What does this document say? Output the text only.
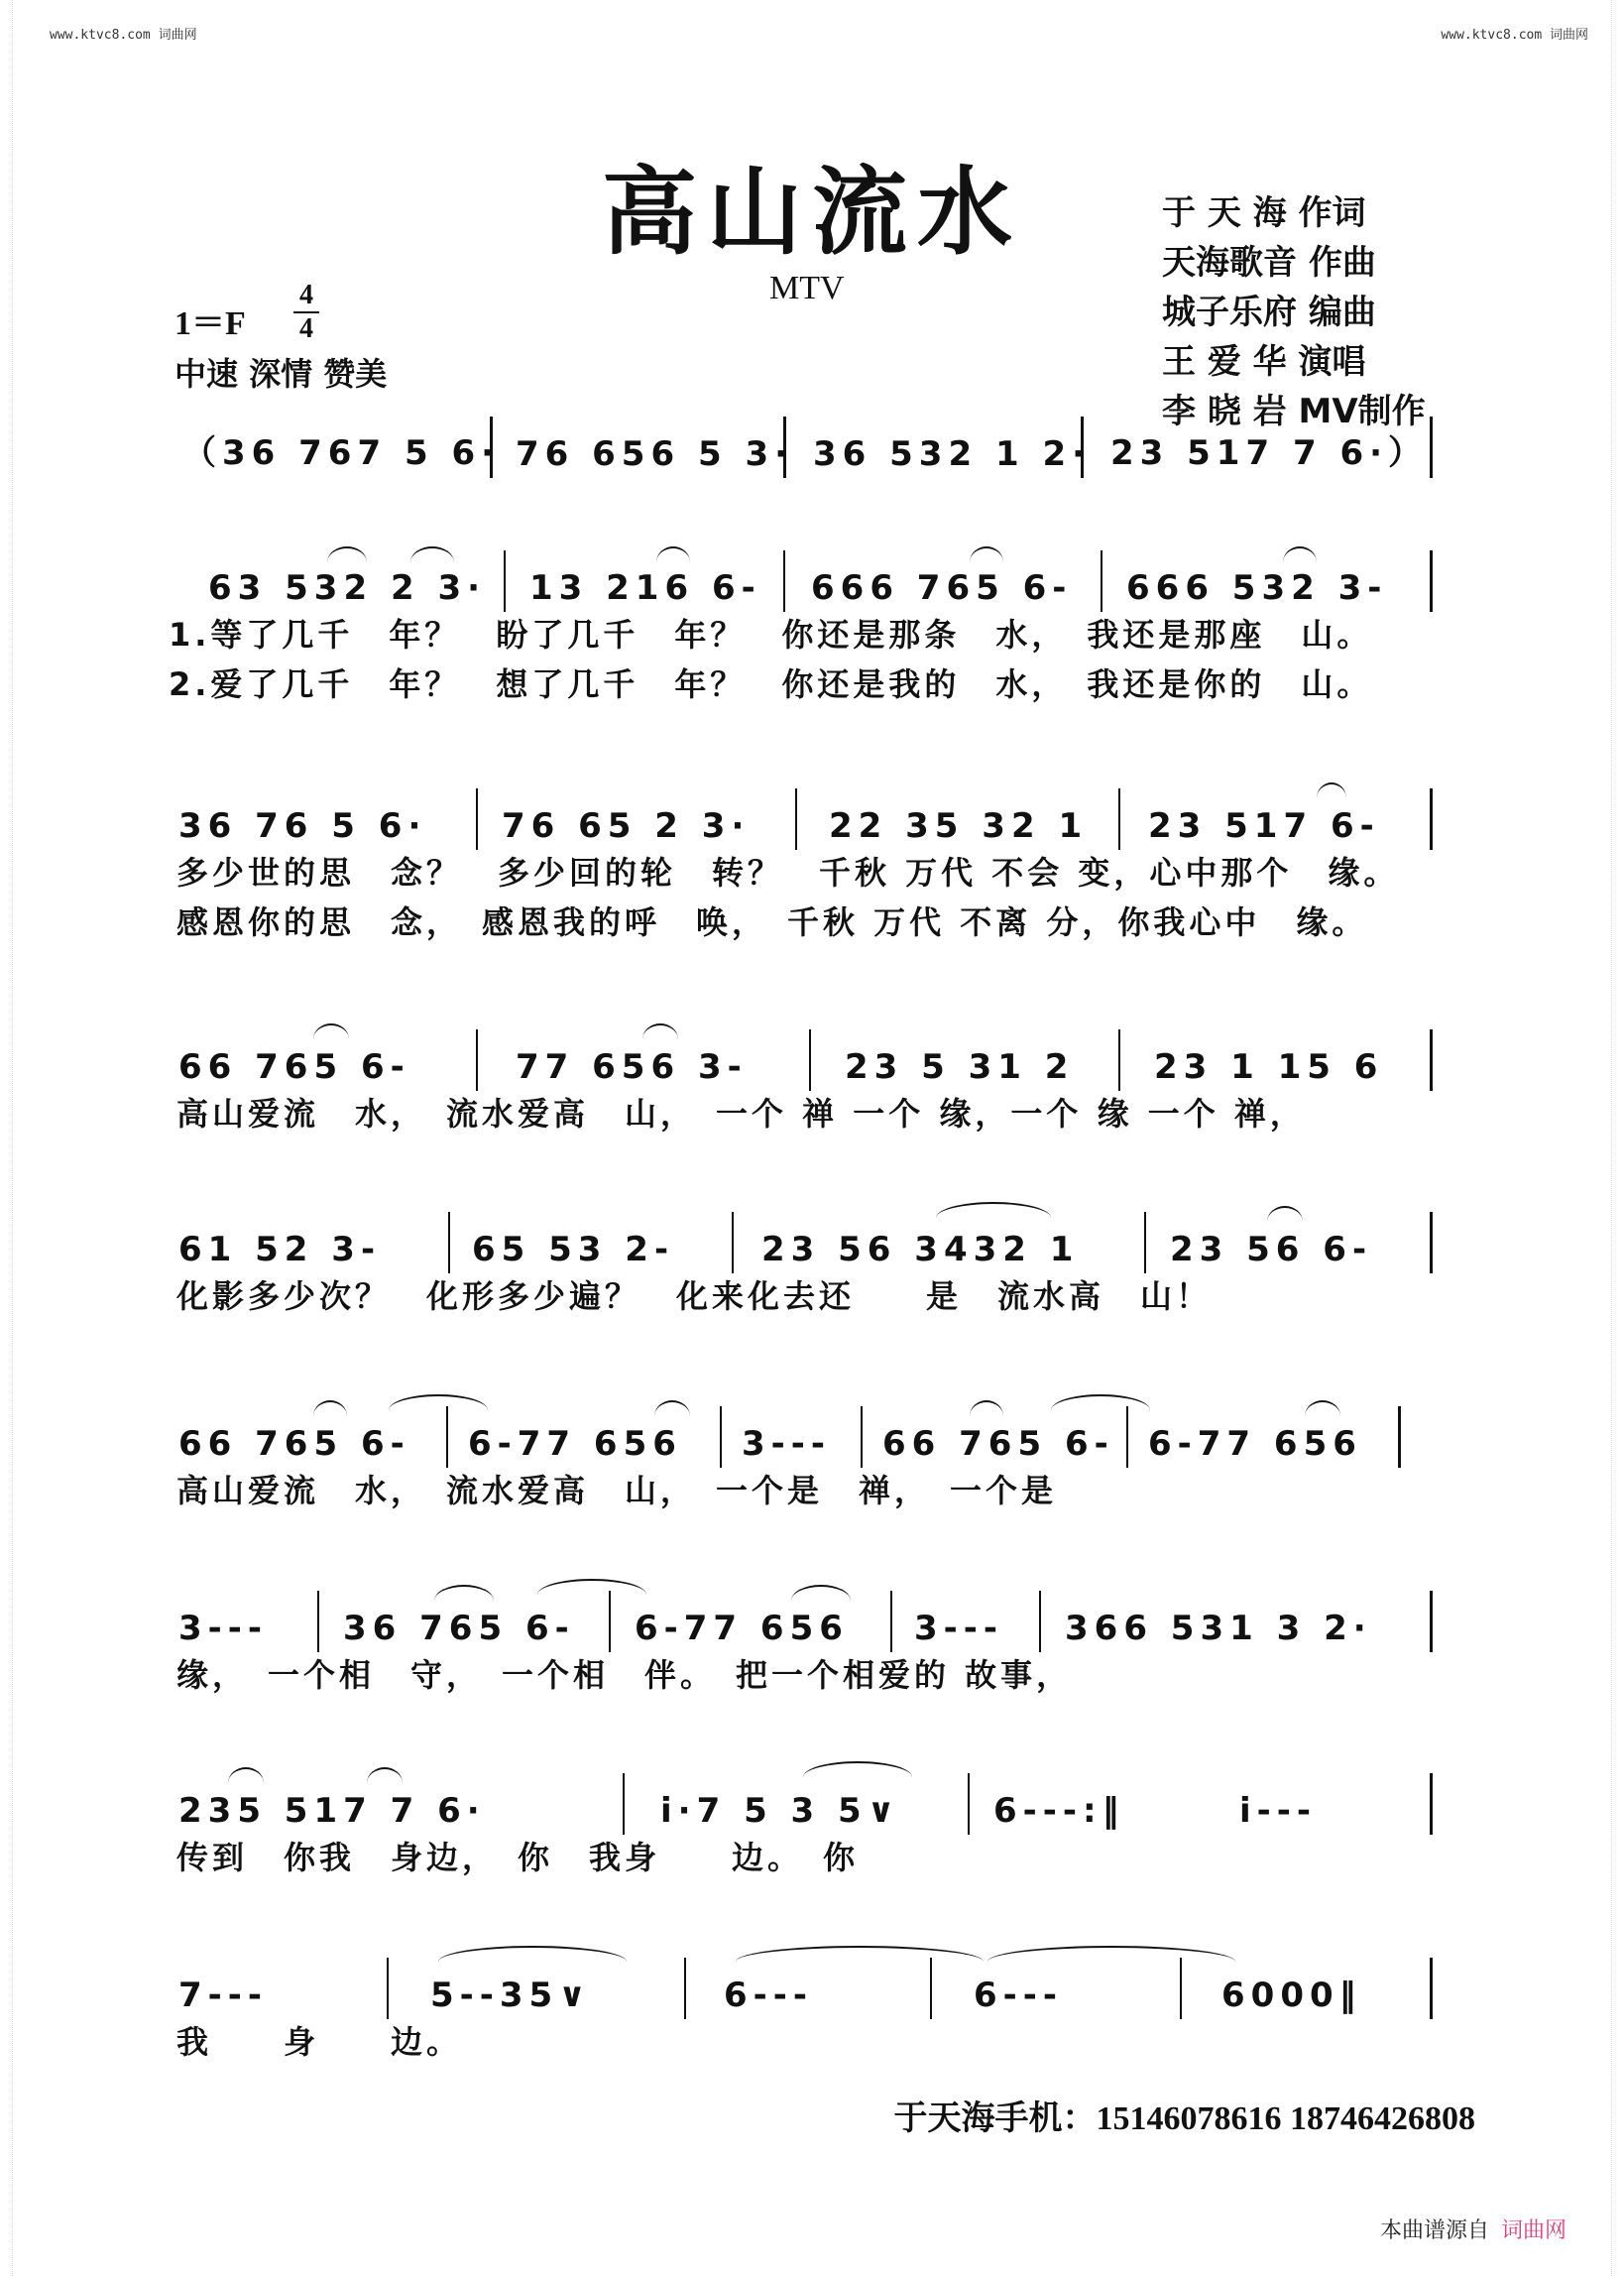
www.ktvc8.com 词曲网	www.ktvc8.com 词曲网
高山流水
MTV
于 天 海 作词
天海歌音 作曲
城子乐府 编曲
王 爱 华 演唱
李 晓 岩 MV制作
1＝F
4
4
中速 深情 赞美
（36 767 5 6· 76 656 5 3· 36 532 1 2· 23 517 7 6·）
63 532 2 3· 13 216 6- 666 765 6- 666 532 3-
1.等了几千　年？　盼了几千　年？　你还是那条　水，　我还是那座　山。
2.爱了几千　年？　想了几千　年？　你还是我的　水，　我还是你的　山。
36 76 5 6· 76 65 2 3· 22 35 32 1 23 517 6-
多少世的思　念？　多少回的轮　转？　千秋 万代 不会 变，心中那个　缘。
感恩你的思　念，　感恩我的呼　唤，　千秋 万代 不离 分，你我心中　缘。
66 765 6-	77 656 3-	23 5 31 2 23 1 15 6
高山爱流　水，　流水爱高　山，　一个 禅 一个 缘，一个 缘 一个 禅，
61 52 3-	65 53 2-	23 56 3432 1	23 56 6-
化影多少次？　化形多少遍？　化来化去还　　是　流水高　山！
66 765 6- 6-77 656 3--- 66 765 6- 6-77 656
高山爱流　水，　流水爱高　山，　一个是　禅，　一个是
3--- 36 765 6- 6-77 656 3--- 366 531 3 2·
缘，　一个相　守，　一个相　伴。　把一个相爱的 故事，
235 517 7 6·	i·7 5 3 5∨	6---:‖	i---
传到　你我　身边，　你　我身　　边。　你
7---	5--35∨	6---	6---	6000‖
我　　身　　边。
于天海手机：15146078616 18746426808
本曲谱源自 词曲网
